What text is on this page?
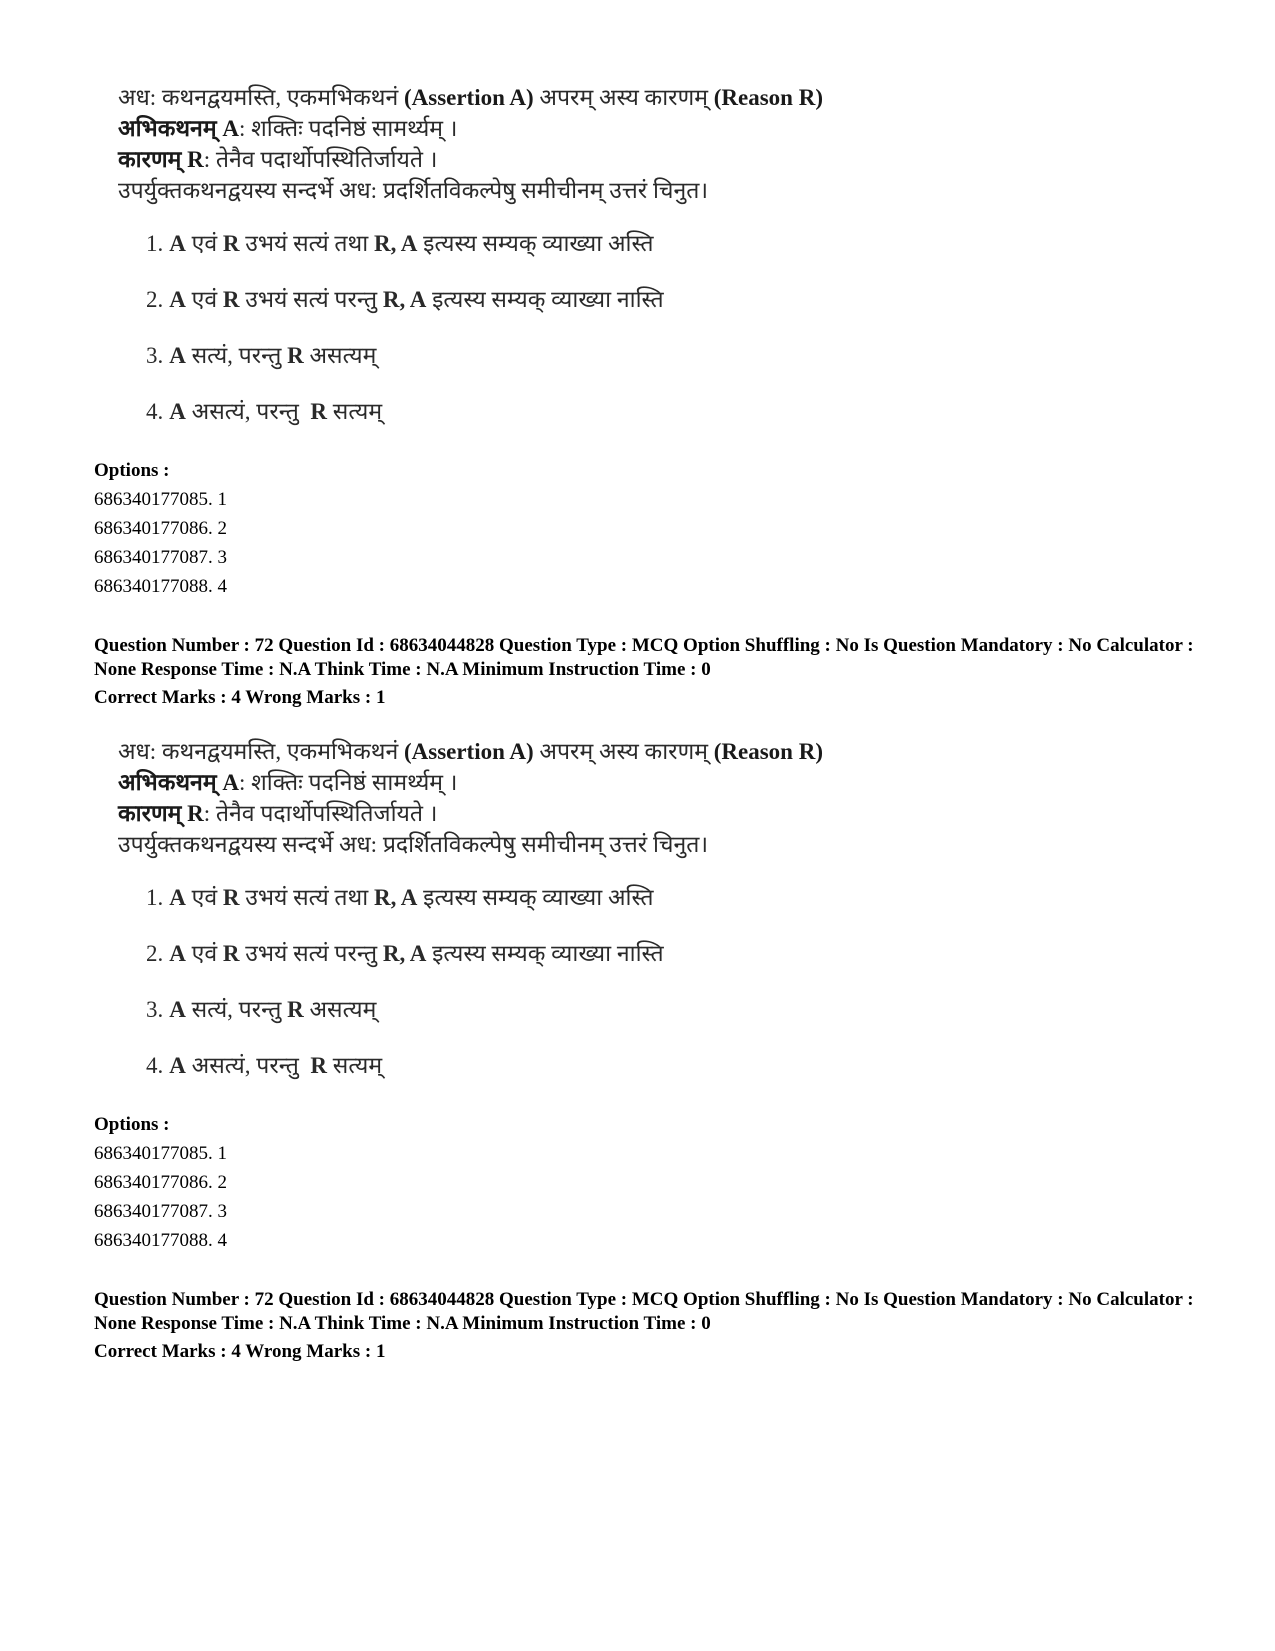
अध: कथनद्वयमस्ति, एकमभिकथनं (Assertion A) अपरम् अस्य कारणम् (Reason R)
अभिकथनम् A: शक्तिः पदनिष्ठं सामर्थ्यम् ।
कारणम् R: तेनैव पदार्थोपस्थितिर्जायते ।
उपर्युक्तकथनद्वयस्य सन्दर्भे अध: प्रदर्शितविकल्पेषु समीचीनम् उत्तरं चिनुत।
1. A एवं R उभयं सत्यं तथा R, A इत्यस्य सम्यक् व्याख्या अस्ति
2. A एवं R उभयं सत्यं परन्तु R, A इत्यस्य सम्यक् व्याख्या नास्ति
3. A सत्यं, परन्तु R असत्यम्
4. A असत्यं, परन्तु  R सत्यम्
Options :
686340177085. 1
686340177086. 2
686340177087. 3
686340177088. 4
Question Number : 72 Question Id : 68634044828 Question Type : MCQ Option Shuffling : No Is Question Mandatory : No Calculator : None Response Time : N.A Think Time : N.A Minimum Instruction Time : 0
Correct Marks : 4 Wrong Marks : 1
अध: कथनद्वयमस्ति, एकमभिकथनं (Assertion A) अपरम् अस्य कारणम् (Reason R)
अभिकथनम् A: शक्तिः पदनिष्ठं सामर्थ्यम् ।
कारणम् R: तेनैव पदार्थोपस्थितिर्जायते ।
उपर्युक्तकथनद्वयस्य सन्दर्भे अध: प्रदर्शितविकल्पेषु समीचीनम् उत्तरं चिनुत।
1. A एवं R उभयं सत्यं तथा R, A इत्यस्य सम्यक् व्याख्या अस्ति
2. A एवं R उभयं सत्यं परन्तु R, A इत्यस्य सम्यक् व्याख्या नास्ति
3. A सत्यं, परन्तु R असत्यम्
4. A असत्यं, परन्तु  R सत्यम्
Options :
686340177085. 1
686340177086. 2
686340177087. 3
686340177088. 4
Question Number : 72 Question Id : 68634044828 Question Type : MCQ Option Shuffling : No Is Question Mandatory : No Calculator : None Response Time : N.A Think Time : N.A Minimum Instruction Time : 0
Correct Marks : 4 Wrong Marks : 1
